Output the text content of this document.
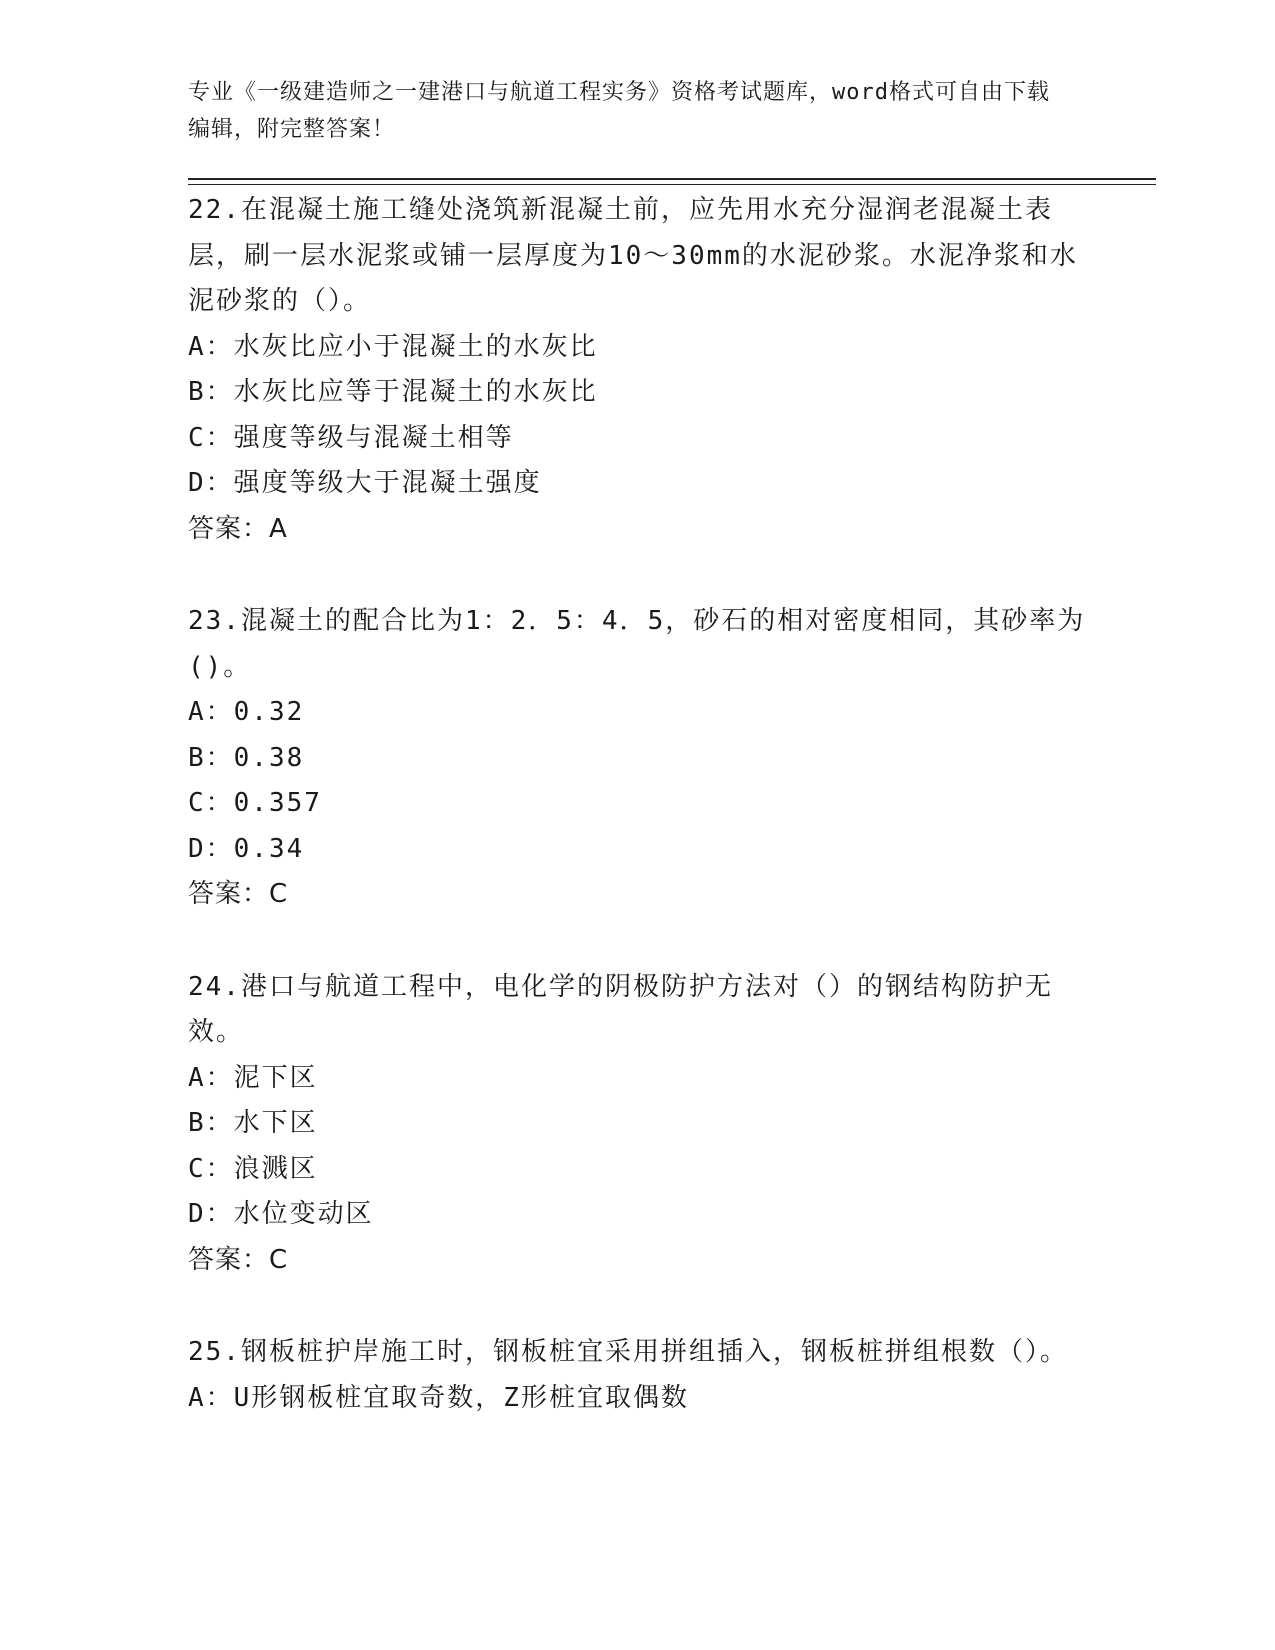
专业《一级建造师之一建港口与航道工程实务》资格考试题库，word格式可自由下载编辑，附完整答案！

22.在混凝土施工缝处浇筑新混凝土前，应先用水充分湿润老混凝土表层，刷一层水泥浆或铺一层厚度为10～30mm的水泥砂浆。水泥净浆和水泥砂浆的（）。

A：水灰比应小于混凝土的水灰比

B：水灰比应等于混凝土的水灰比

C：强度等级与混凝土相等

D：强度等级大于混凝土强度

答案：A

23.混凝土的配合比为1：2．5：4．5，砂石的相对密度相同，其砂率为()。

A：0.32

B：0.38

C：0.357

D：0.34

答案：C

24.港口与航道工程中，电化学的阴极防护方法对（）的钢结构防护无效。

A：泥下区

B：水下区

C：浪溅区

D：水位变动区

答案：C

25.钢板桩护岸施工时，钢板桩宜采用拼组插入，钢板桩拼组根数（）。

A：U形钢板桩宜取奇数，Z形桩宜取偶数
